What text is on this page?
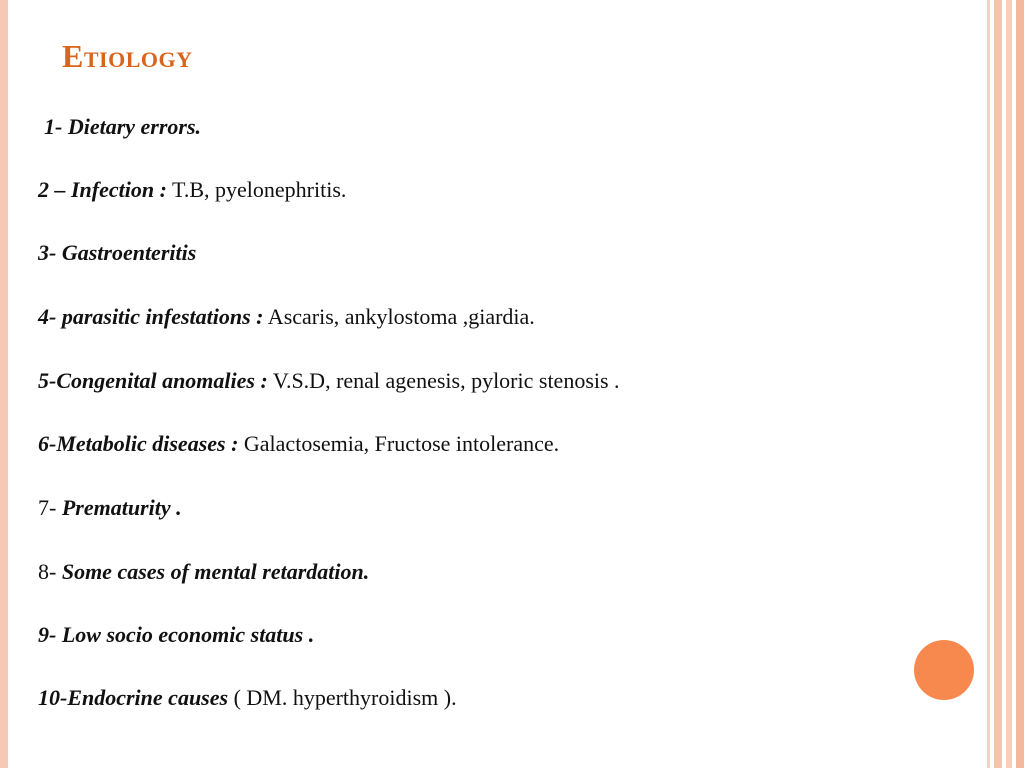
Etiology
1- Dietary errors.
2 – Infection : T.B, pyelonephritis.
3- Gastroenteritis
4- parasitic infestations : Ascaris, ankylostoma ,giardia.
5-Congenital anomalies : V.S.D, renal agenesis, pyloric stenosis .
6-Metabolic diseases : Galactosemia, Fructose intolerance.
7- Prematurity .
8- Some cases of mental retardation.
9- Low socio economic status .
10-Endocrine causes ( DM. hyperthyroidism ).
